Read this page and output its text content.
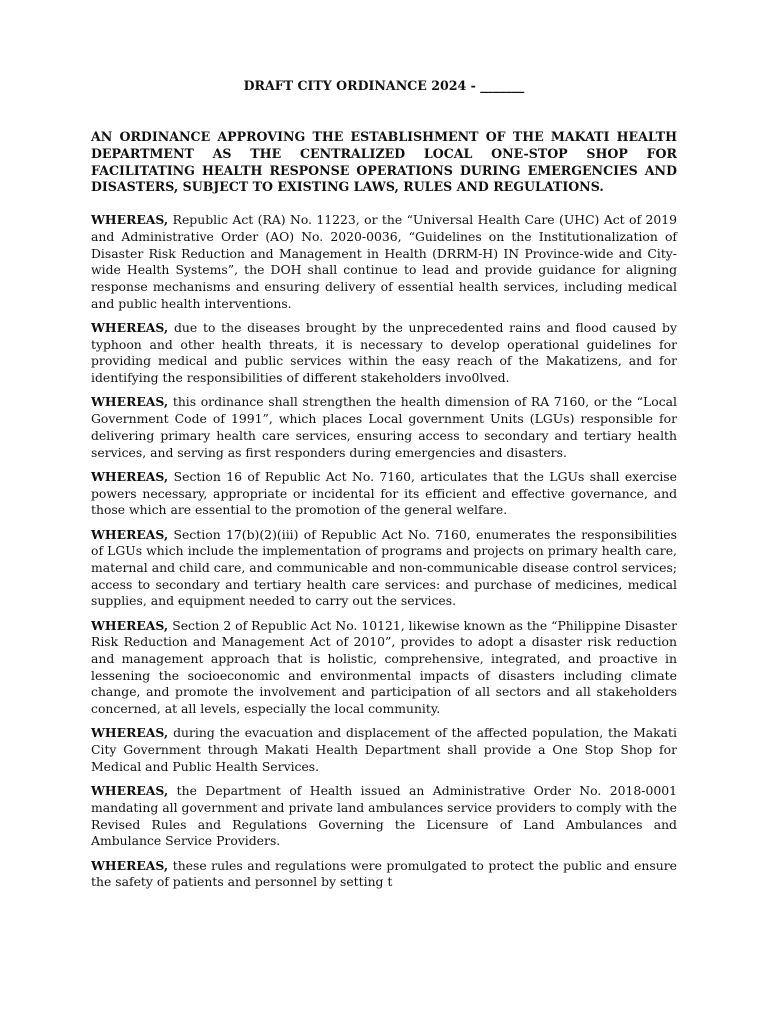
DRAFT CITY ORDINANCE 2024 - _______

AN ORDINANCE APPROVING THE ESTABLISHMENT OF THE MAKATI HEALTH DEPARTMENT AS THE CENTRALIZED LOCAL ONE-STOP SHOP FOR FACILITATING HEALTH RESPONSE OPERATIONS DURING EMERGENCIES AND DISASTERS, SUBJECT TO EXISTING LAWS, RULES AND REGULATIONS.

WHEREAS, Republic Act (RA) No. 11223, or the “Universal Health Care (UHC) Act of 2019 and Administrative Order (AO) No. 2020-0036, “Guidelines on the Institutionalization of Disaster Risk Reduction and Management in Health (DRRM-H) IN Province-wide and City-wide Health Systems”, the DOH shall continue to lead and provide guidance for aligning response mechanisms and ensuring delivery of essential health services, including medical and public health interventions.

WHEREAS, due to the diseases brought by the unprecedented rains and flood caused by typhoon and other health threats, it is necessary to develop operational guidelines for providing medical and public services within the easy reach of the Makatizens, and for identifying the responsibilities of different stakeholders invo0lved.

WHEREAS, this ordinance shall strengthen the health dimension of RA 7160, or the “Local Government Code of 1991”, which places Local government Units (LGUs) responsible for delivering primary health care services, ensuring access to secondary and tertiary health services, and serving as first responders during emergencies and disasters.

WHEREAS, Section 16 of Republic Act No. 7160, articulates that the LGUs shall exercise powers necessary, appropriate or incidental for its efficient and effective governance, and those which are essential to the promotion of the general welfare.

WHEREAS, Section 17(b)(2)(iii) of Republic Act No. 7160, enumerates the responsibilities of LGUs which include the implementation of programs and projects on primary health care, maternal and child care, and communicable and non-communicable disease control services; access to secondary and tertiary health care services: and purchase of medicines, medical supplies, and equipment needed to carry out the services.

WHEREAS, Section 2 of Republic Act No. 10121, likewise known as the “Philippine Disaster Risk Reduction and Management Act of 2010”, provides to adopt a disaster risk reduction and management approach that is holistic, comprehensive, integrated, and proactive in lessening the socioeconomic and environmental impacts of disasters including climate change, and promote the involvement and participation of all sectors and all stakeholders concerned, at all levels, especially the local community.

WHEREAS, during the evacuation and displacement of the affected population, the Makati City Government through Makati Health Department shall provide a One Stop Shop for Medical and Public Health Services.

WHEREAS, the Department of Health issued an Administrative Order No. 2018-0001 mandating all government and private land ambulances service providers to comply with the Revised Rules and Regulations Governing the Licensure of Land Ambulances and Ambulance Service Providers.

WHEREAS, these rules and regulations were promulgated to protect the public and ensure the safety of patients and personnel by setting t
